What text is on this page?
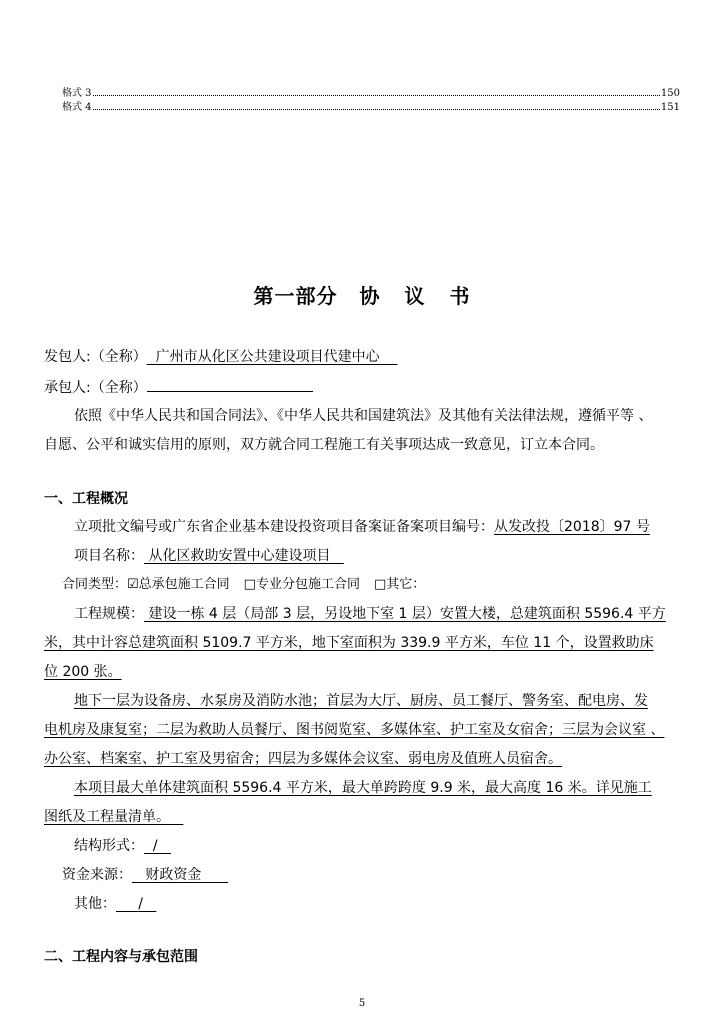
格式 3	150
格式 4	151
第一部分 协 议 书
发包人:（全称） 广州市从化区公共建设项目代建中心
承包人:（全称）
依照《中华人民共和国合同法》、《中华人民共和国建筑法》及其他有关法律法规，遵循平等 、
自愿、公平和诚实信用的原则，双方就合同工程施工有关事项达成一致意见，订立本合同。
一、工程概况
立项批文编号或广东省企业基本建设投资项目备案证备案项目编号：从发改投〔2018〕97 号
项目名称： 从化区救助安置中心建设项目
合同类型：☑总承包施工合同 □专业分包施工合同 □其它：
工程规模： 建设一栋 4 层（局部 3 层，另设地下室 1 层）安置大楼，总建筑面积 5596.4 平方
米，其中计容总建筑面积 5109.7 平方米，地下室面积为 339.9 平方米，车位 11 个，设置救助床
位 200 张。
地下一层为设备房、水泵房及消防水池；首层为大厅、厨房、员工餐厅、警务室、配电房、发
电机房及康复室；二层为救助人员餐厅、图书阅览室、多媒体室、护工室及女宿舍；三层为会议室 、
办公室、档案室、护工室及男宿舍；四层为多媒体会议室、弱电房及值班人员宿舍。
本项目最大单体建筑面积 5596.4 平方米，最大单跨跨度 9.9 米，最大高度 16 米。详见施工
图纸及工程量清单。
结构形式： /
资金来源： 财政资金
其他： /
二、工程内容与承包范围
5
